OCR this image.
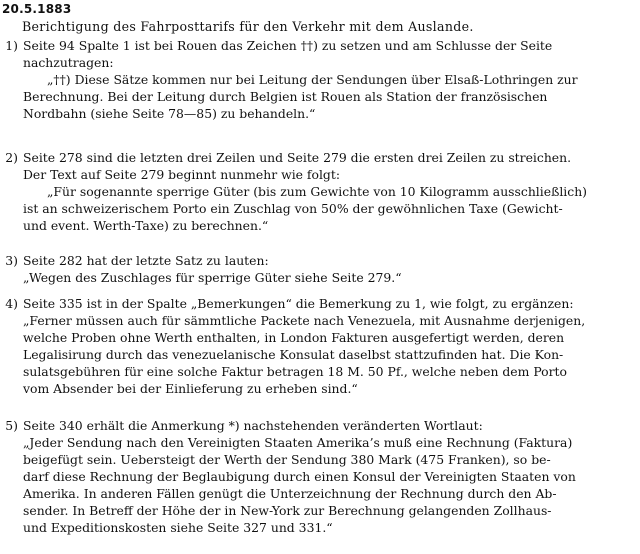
20.5.1883
Berichtigung des Fahrposttarifs für den Verkehr mit dem Auslande.
1) Seite 94 Spalte 1 ist bei Rouen das Zeichen ††) zu setzen und am Schlusse der Seite
nachzutragen:
„††) Diese Sätze kommen nur bei Leitung der Sendungen über Elsaß-Lothringen zur
Berechnung. Bei der Leitung durch Belgien ist Rouen als Station der französischen
Nordbahn (siehe Seite 78—85) zu behandeln.“
2) Seite 278 sind die letzten drei Zeilen und Seite 279 die ersten drei Zeilen zu streichen.
Der Text auf Seite 279 beginnt nunmehr wie folgt:
„Für sogenannte sperrige Güter (bis zum Gewichte von 10 Kilogramm ausschließlich)
ist an schweizerischem Porto ein Zuschlag von 50% der gewöhnlichen Taxe (Gewicht-
und event. Werth-Taxe) zu berechnen.“
3) Seite 282 hat der letzte Satz zu lauten:
„Wegen des Zuschlages für sperrige Güter siehe Seite 279.“
4) Seite 335 ist in der Spalte „Bemerkungen“ die Bemerkung zu 1, wie folgt, zu ergänzen:
„Ferner müssen auch für sämmtliche Packete nach Venezuela, mit Ausnahme derjenigen,
welche Proben ohne Werth enthalten, in London Fakturen ausgefertigt werden, deren
Legalisirung durch das venezuelanische Konsulat daselbst stattzufinden hat. Die Kon-
sulatsgebühren für eine solche Faktur betragen 18 M. 50 Pf., welche neben dem Porto
vom Absender bei der Einlieferung zu erheben sind.“
5) Seite 340 erhält die Anmerkung *) nachstehenden veränderten Wortlaut:
„Jeder Sendung nach den Vereinigten Staaten Amerika’s muß eine Rechnung (Faktura)
beigefügt sein. Uebersteigt der Werth der Sendung 380 Mark (475 Franken), so be-
darf diese Rechnung der Beglaubigung durch einen Konsul der Vereinigten Staaten von
Amerika. In anderen Fällen genügt die Unterzeichnung der Rechnung durch den Ab-
sender. In Betreff der Höhe der in New-York zur Berechnung gelangenden Zollhaus-
und Expeditionskosten siehe Seite 327 und 331.“
